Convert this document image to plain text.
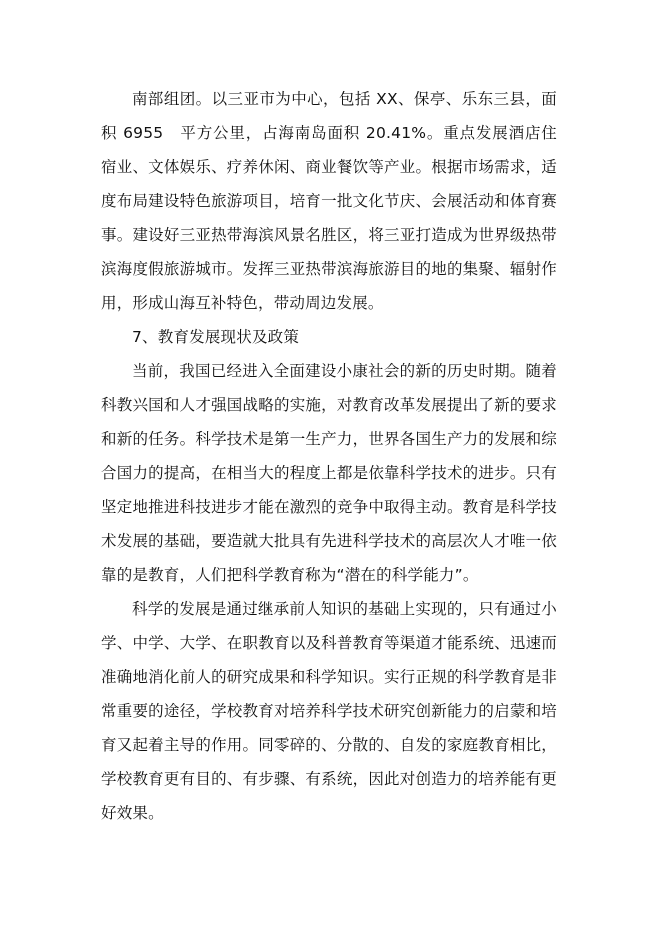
南部组团。以三亚市为中心，包括 XX、保亭、乐东三县，面积 6955　平方公里，占海南岛面积 20.41%。重点发展酒店住宿业、文体娱乐、疗养休闲、商业餐饮等产业。根据市场需求，适度布局建设特色旅游项目，培育一批文化节庆、会展活动和体育赛事。建设好三亚热带海滨风景名胜区，将三亚打造成为世界级热带滨海度假旅游城市。发挥三亚热带滨海旅游目的地的集聚、辐射作用，形成山海互补特色，带动周边发展。

7、教育发展现状及政策

当前，我国已经进入全面建设小康社会的新的历史时期。随着科教兴国和人才强国战略的实施，对教育改革发展提出了新的要求和新的任务。科学技术是第一生产力，世界各国生产力的发展和综合国力的提高，在相当大的程度上都是依靠科学技术的进步。只有坚定地推进科技进步才能在激烈的竞争中取得主动。教育是科学技术发展的基础，要造就大批具有先进科学技术的高层次人才唯一依靠的是教育，人们把科学教育称为“潜在的科学能力”。

科学的发展是通过继承前人知识的基础上实现的，只有通过小学、中学、大学、在职教育以及科普教育等渠道才能系统、迅速而准确地消化前人的研究成果和科学知识。实行正规的科学教育是非常重要的途径，学校教育对培养科学技术研究创新能力的启蒙和培育又起着主导的作用。同零碎的、分散的、自发的家庭教育相比，学校教育更有目的、有步骤、有系统，因此对创造力的培养能有更好效果。
